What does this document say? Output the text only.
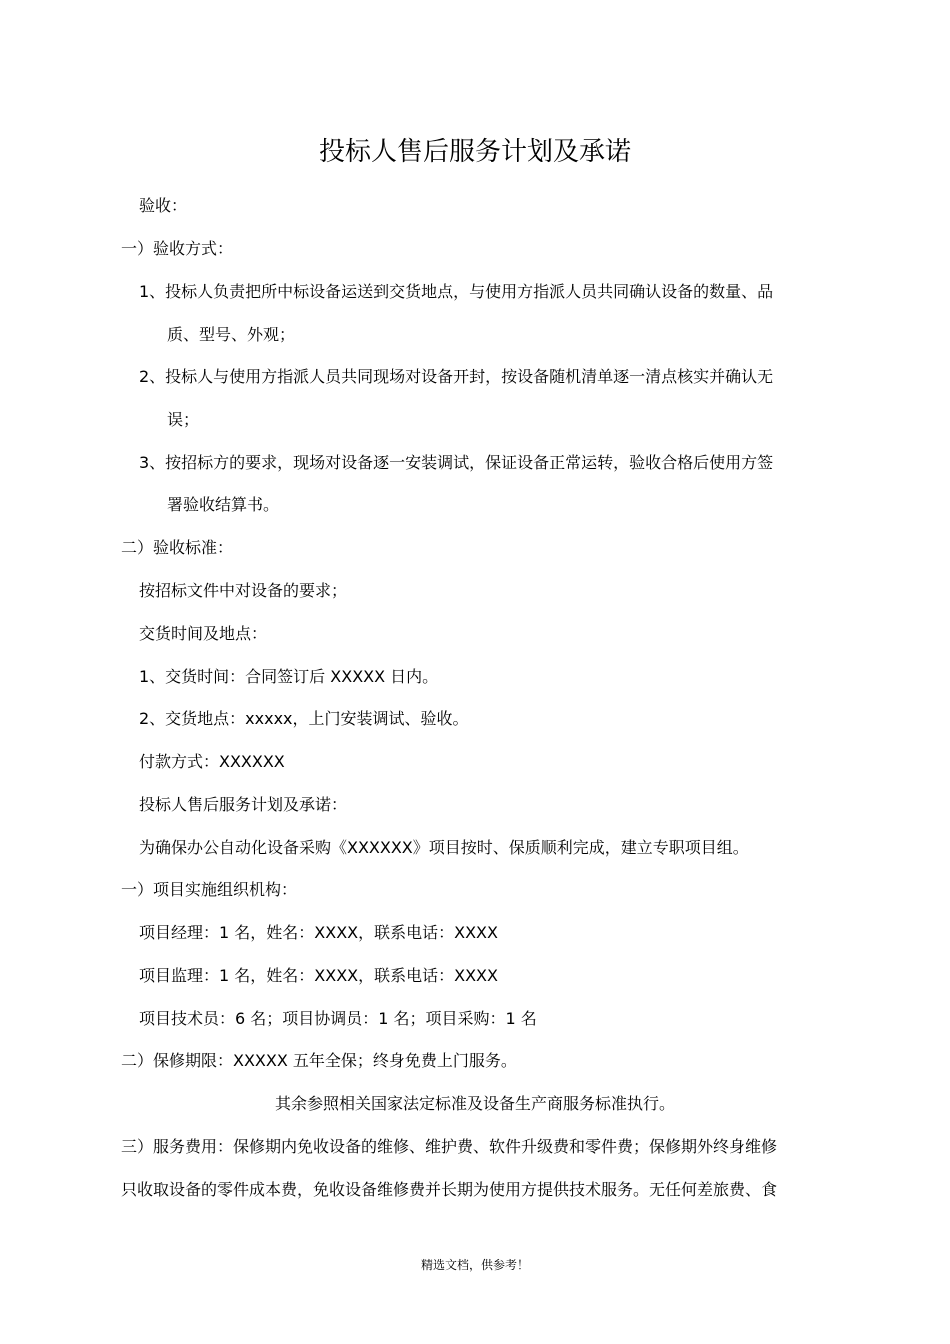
投标人售后服务计划及承诺
验收：
一）验收方式：
1、投标人负责把所中标设备运送到交货地点，与使用方指派人员共同确认设备的数量、品
质、型号、外观；
2、投标人与使用方指派人员共同现场对设备开封，按设备随机清单逐一清点核实并确认无
误；
3、按招标方的要求，现场对设备逐一安装调试，保证设备正常运转，验收合格后使用方签
署验收结算书。
二）验收标准：
按招标文件中对设备的要求；
交货时间及地点：
1、交货时间：合同签订后 XXXXX 日内。
2、交货地点：xxxxx，上门安装调试、验收。
付款方式：XXXXXX
投标人售后服务计划及承诺：
为确保办公自动化设备采购《XXXXXX》项目按时、保质顺利完成，建立专职项目组。
一）项目实施组织机构：
项目经理：1 名，姓名：XXXX，联系电话：XXXX
项目监理：1 名，姓名：XXXX，联系电话：XXXX
项目技术员：6 名；项目协调员：1 名；项目采购：1 名
二）保修期限：XXXXX 五年全保；终身免费上门服务。
其余参照相关国家法定标准及设备生产商服务标准执行。
三）服务费用：保修期内免收设备的维修、维护费、软件升级费和零件费；保修期外终身维修
只收取设备的零件成本费，免收设备维修费并长期为使用方提供技术服务。无任何差旅费、食
精选文档，供参考！
